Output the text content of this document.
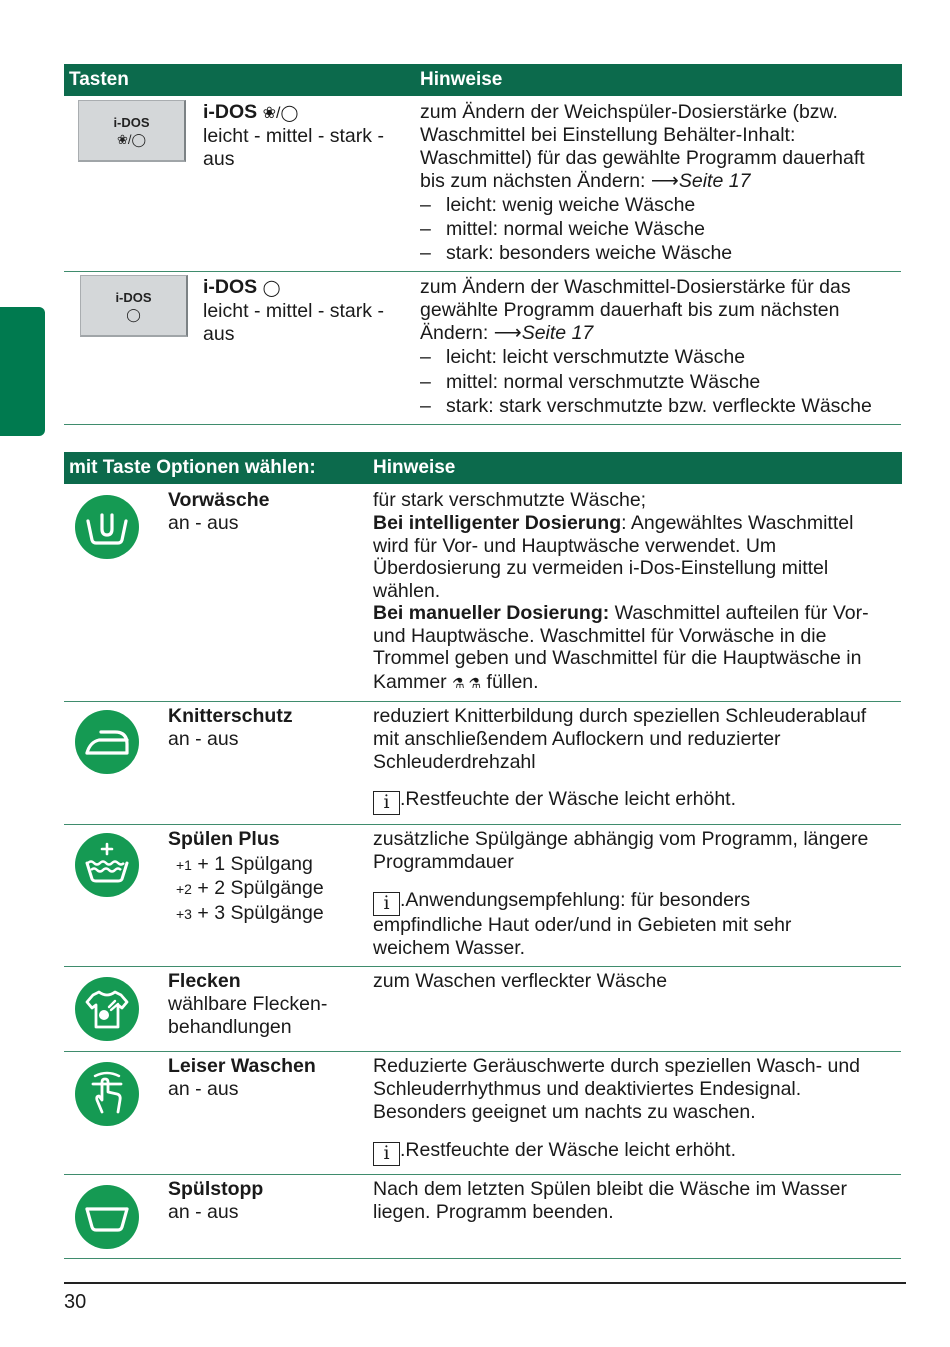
Tasten	Hinweise
i-DOS
❀/◯
i-DOS ❀/◯
leicht - mittel - stark -
aus
zum Ändern der Weichspüler-Dosierstärke (bzw.
Waschmittel bei Einstellung Behälter-Inhalt:
Waschmittel) für das gewählte Programm dauerhaft
bis zum nächsten Ändern: ⟶Seite 17
– leicht: wenig weiche Wäsche
– mittel: normal weiche Wäsche
– stark: besonders weiche Wäsche
i-DOS
◯
i-DOS ◯
leicht - mittel - stark -
aus
zum Ändern der Waschmittel-Dosierstärke für das
gewählte Programm dauerhaft bis zum nächsten
Ändern: ⟶Seite 17
– leicht: leicht verschmutzte Wäsche
– mittel: normal verschmutzte Wäsche
– stark: stark verschmutzte bzw. verfleckte Wäsche
mit Taste Optionen wählen:	Hinweise
Vorwäsche
an - aus
für stark verschmutzte Wäsche;
Bei intelligenter Dosierung: Angewähltes Waschmittel
wird für Vor- und Hauptwäsche verwendet. Um
Überdosierung zu vermeiden i-Dos-Einstellung mittel
wählen.
Bei manueller Dosierung: Waschmittel aufteilen für Vor-
und Hauptwäsche. Waschmittel für Vorwäsche in die
Trommel geben und Waschmittel für die Hauptwäsche in
Kammer ⚗ ⚗ füllen.
Knitterschutz
an - aus
reduziert Knitterbildung durch speziellen Schleuderablauf
mit anschließendem Auflockern und reduzierter
Schleuderdrehzahl
i .Restfeuchte der Wäsche leicht erhöht.
Spülen Plus
+1 + 1 Spülgang
+2 + 2 Spülgänge
+3 + 3 Spülgänge
zusätzliche Spülgänge abhängig vom Programm, längere
Programmdauer
i .Anwendungsempfehlung: für besonders
empfindliche Haut oder/und in Gebieten mit sehr
weichem Wasser.
Flecken
wählbare Flecken-
behandlungen
zum Waschen verfleckter Wäsche
Leiser Waschen
an - aus
Reduzierte Geräuschwerte durch speziellen Wasch- und
Schleuderrhythmus und deaktiviertes Endesignal.
Besonders geeignet um nachts zu waschen.
i .Restfeuchte der Wäsche leicht erhöht.
Spülstopp
an - aus
Nach dem letzten Spülen bleibt die Wäsche im Wasser
liegen. Programm beenden.
30
